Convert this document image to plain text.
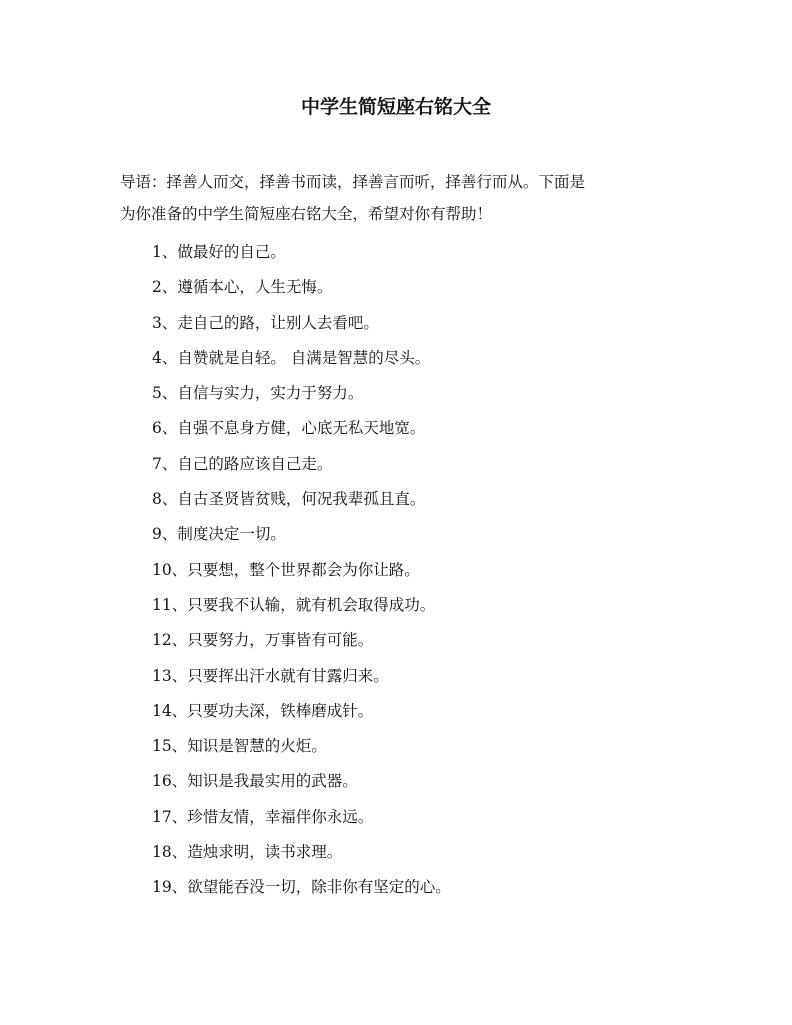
中学生简短座右铭大全

导语：择善人而交，择善书而读，择善言而听，择善行而从。下面是
为你准备的中学生简短座右铭大全，希望对你有帮助！

1、做最好的自己。
2、遵循本心，人生无悔。
3、走自己的路，让别人去看吧。
4、自赞就是自轻。 自满是智慧的尽头。
5、自信与实力，实力于努力。
6、自强不息身方健，心底无私天地宽。
7、自己的路应该自己走。
8、自古圣贤皆贫贱，何况我辈孤且直。
9、制度决定一切。
10、只要想，整个世界都会为你让路。
11、只要我不认输，就有机会取得成功。
12、只要努力，万事皆有可能。
13、只要挥出汗水就有甘露归来。
14、只要功夫深，铁棒磨成针。
15、知识是智慧的火炬。
16、知识是我最实用的武器。
17、珍惜友情，幸福伴你永远。
18、造烛求明，读书求理。
19、欲望能吞没一切，除非你有坚定的心。
